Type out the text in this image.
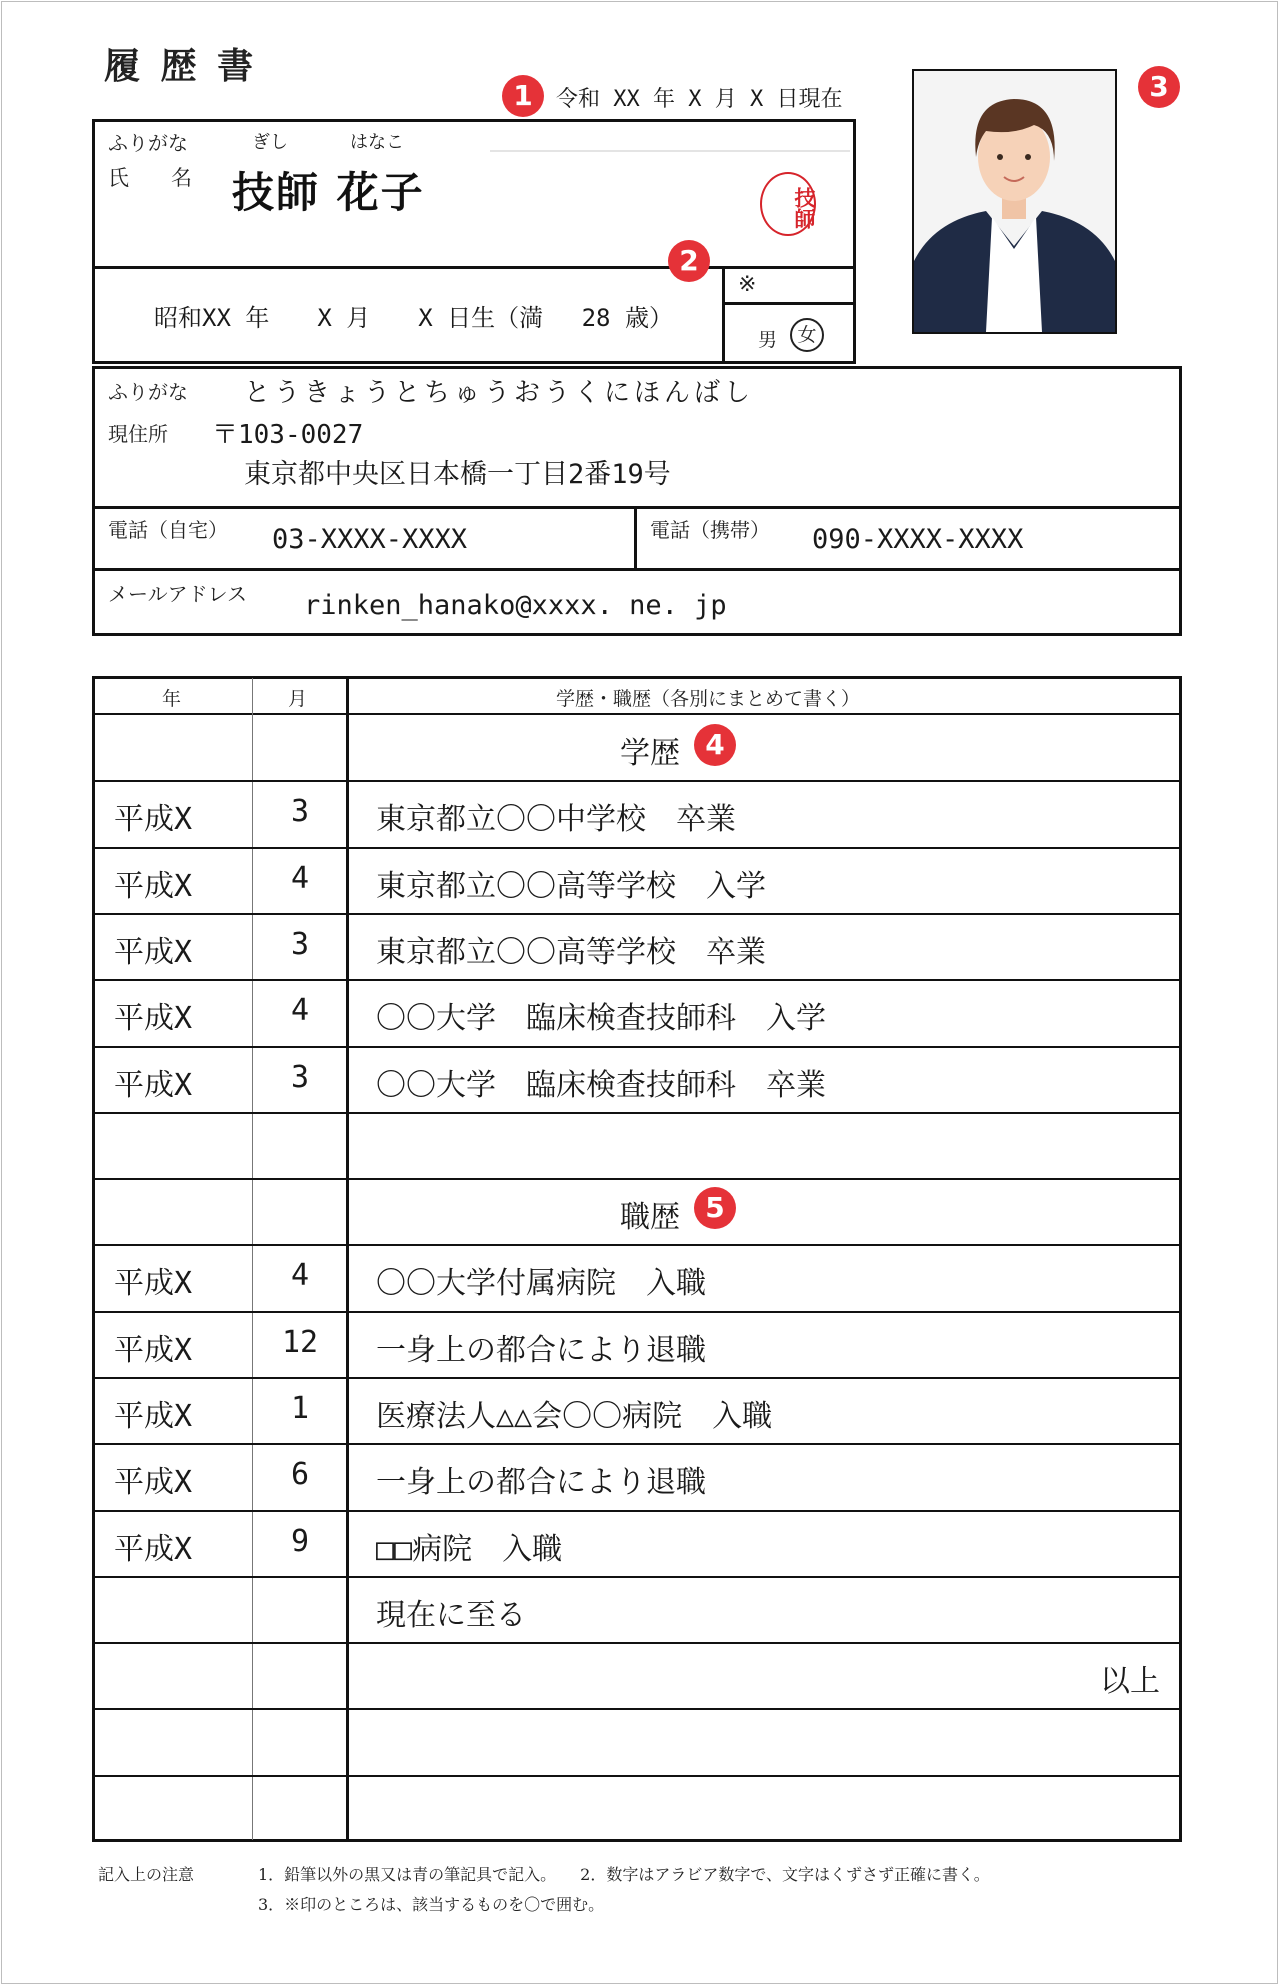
履 歴 書
1	令和 XX 年 X 月 X 日現在	3
ふりがな	ぎし	はなこ
氏　　名 技師 花子	技師
昭和XX 年　　X 月　　X 日生（満　 28 歳）
2
※
男	女
ふりがな とうきょうとちゅうおうくにほんばし
現住所 〒103-0027
東京都中央区日本橋一丁目2番19号
電話（自宅） 03-XXXX-XXXX	電話（携帯） 090-XXXX-XXXX
メールアドレス rinken_hanako@xxxx. ne. jp
年	月	学歴・職歴（各別にまとめて書く）
学歴
平成X	3	東京都立〇〇中学校　卒業
平成X	4	東京都立〇〇高等学校　入学
平成X	3	東京都立〇〇高等学校　卒業
平成X	4	〇〇大学　臨床検査技師科　入学
平成X	3	〇〇大学　臨床検査技師科　卒業
職歴
平成X	4	〇〇大学付属病院　入職
平成X	12	一身上の都合により退職
平成X	1	医療法人△△会〇〇病院　入職
平成X	6	一身上の都合により退職
平成X	9	□□病院　入職
現在に至る
以上
4
5
記入上の注意	1．鉛筆以外の黒又は青の筆記具で記入。　　2．数字はアラビア数字で、文字はくずさず正確に書く。
3．※印のところは、該当するものを〇で囲む。
